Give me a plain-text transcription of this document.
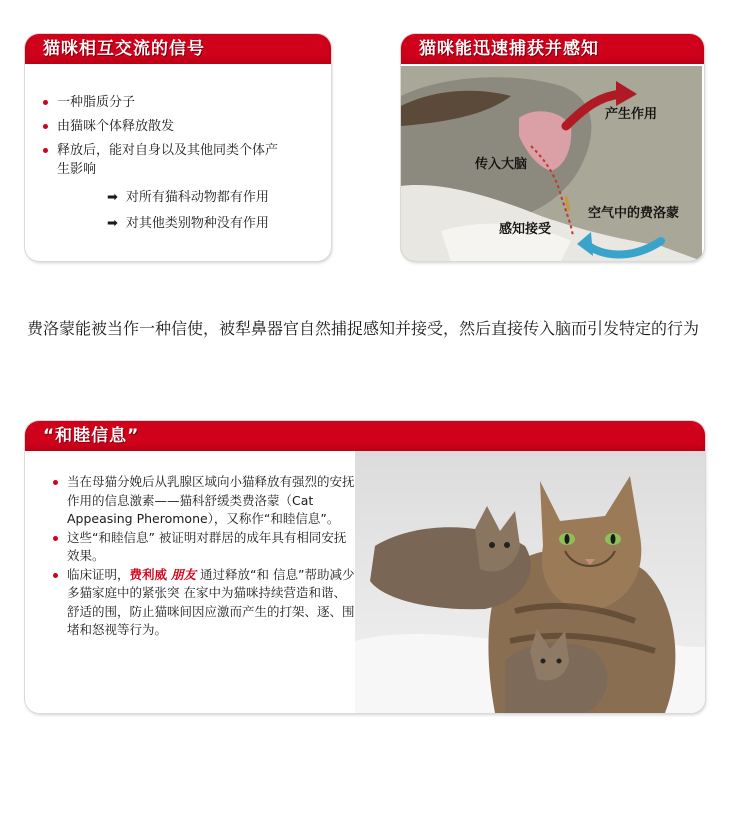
猫咪相互交流的信号
一种脂质分子
由猫咪个体释放散发
释放后，能对自身以及其他同类个体产生影响
➡ 对所有猫科动物都有作用
➡ 对其他类别物种没有作用
猫咪能迅速捕获并感知
产生作用
传入大脑
空气中的费洛蒙
感知接受
费洛蒙能被当作一种信使，被犁鼻器官自然捕捉感知并接受，然后直接传入脑而引发特定的行为
“和睦信息”
当在母猫分娩后从乳腺区域向小猫释放有强烈的安抚作用的信息激素——猫科舒缓类费洛蒙（Cat Appeasing Pheromone），又称作“和睦信息”。
这些“和睦信息” 被证明对群居的成年具有相同安抚效果。
临床证明，费利威 朋友 通过释放“和 信息”帮助减少多猫家庭中的紧张突 在家中为猫咪持续营造和谐、舒适的围，防止猫咪间因应激而产生的打架、逐、围堵和怒视等行为。
